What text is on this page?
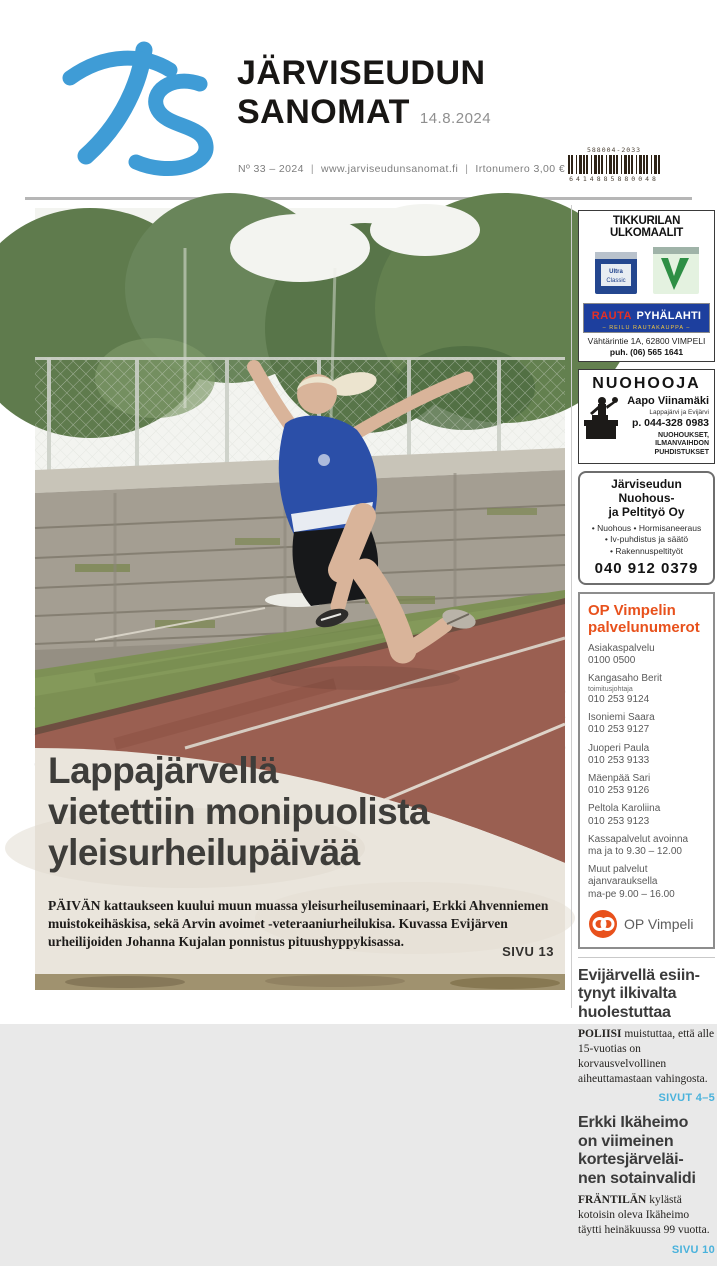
JÄRVISEUDUN
SANOMAT 14.8.2024
Nº 33 – 2024 | www.jarviseudunsanomat.fi | Irtonumero 3,00 €
588004-2033
6414885880048
Lappajärvellä
vietettiin monipuolista
yleisurheilupäivää
PÄIVÄN kattaukseen kuului muun muassa yleisurheiluseminaari, Erkki Ahvenniemen muistokeihäskisa, sekä Arvin avoimet -veteraaniurheilukisa. Kuvassa Evijärven urheilijoiden Johanna Kujalan ponnistus pituushyppykisassa.
SIVU 13
TIKKURILAN ULKOMAALIT
Ultra
Classic
RAUTA PYHÄLAHTI
– REILU RAUTAKAUPPA –
Vähtärintie 1A, 62800 VIMPELI
puh. (06) 565 1641
NUOHOOJA
Aapo Viinamäki
Lappajärvi ja Evijärvi
p. 044-328 0983
NUOHOUKSET,
ILMANVAIHDON
PUHDISTUKSET
Järviseudun Nuohous-
ja Peltityö Oy
• Nuohous • Hormisaneeraus
• Iv-puhdistus ja säätö
• Rakennuspeltityöt
040 912 0379
OP Vimpelin
palvelunumerot
Asiakaspalvelu
0100 0500
Kangasaho Berit
toimitusjohtaja
010 253 9124
Isoniemi Saara
010 253 9127
Juoperi Paula
010 253 9133
Mäenpää Sari
010 253 9126
Peltola Karoliina
010 253 9123
Kassapalvelut avoinna
ma ja to 9.30 – 12.00
Muut palvelut
ajanvarauksella
ma-pe 9.00 – 16.00
OP Vimpeli
Evijärvellä esiin-
tynyt ilkivalta
huolestuttaa
POLIISI muistuttaa, että alle 15-vuotias on korvausvelvollinen aiheuttamastaan vahingosta.
SIVUT 4–5
Erkki Ikäheimo
on viimeinen
kortesjärveläi-
nen sotainvalidi
FRÄNTILÄN kylästä kotoisin oleva Ikäheimo täytti heinäkuussa 99 vuotta.
SIVU 10
